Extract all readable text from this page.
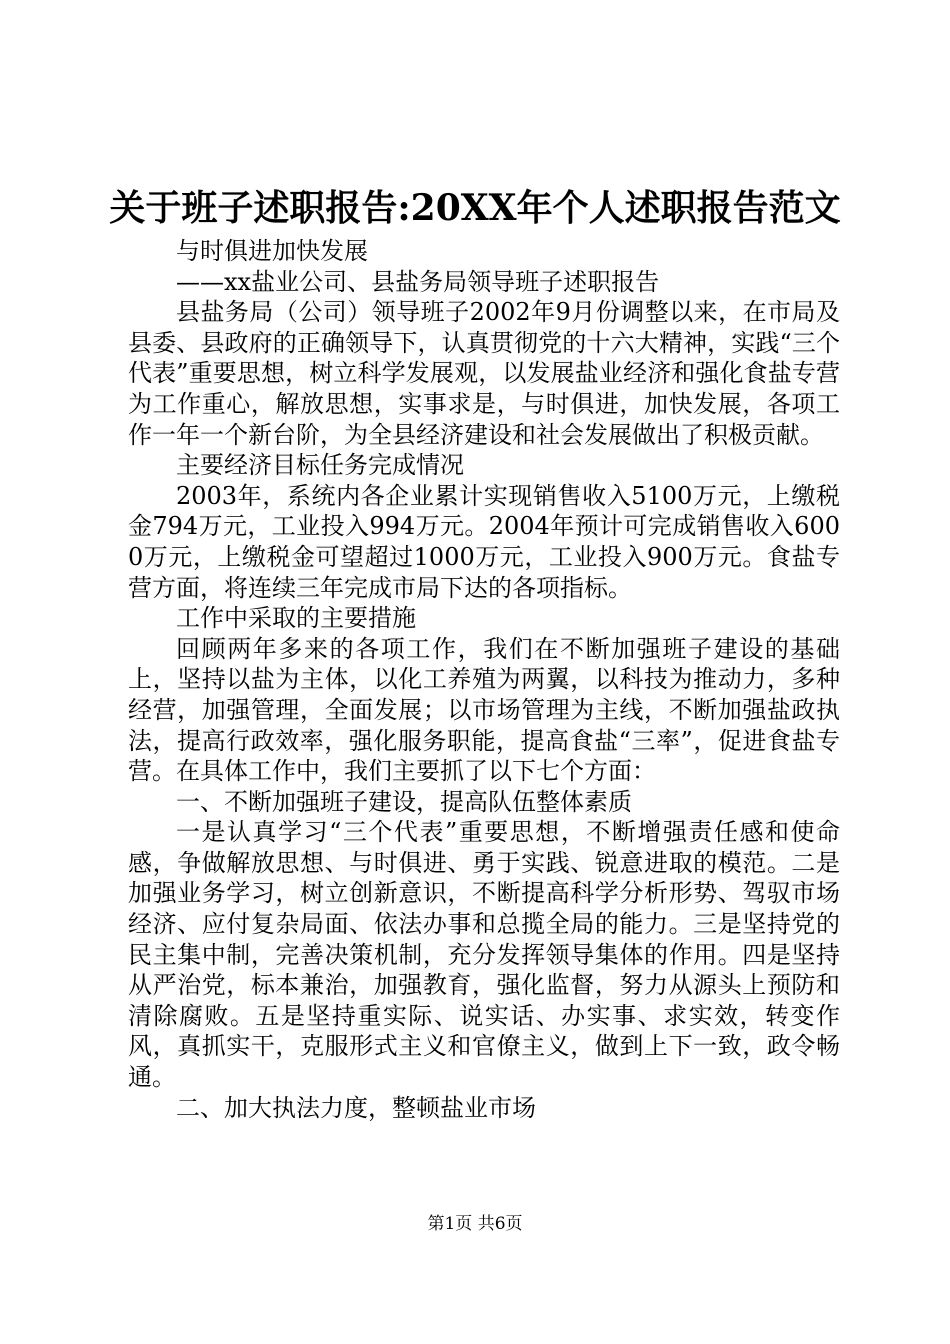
关于班子述职报告:20XX年个人述职报告范文

与时俱进加快发展

——xx盐业公司、县盐务局领导班子述职报告

县盐务局（公司）领导班子2002年9月份调整以来，在市局及县委、县政府的正确领导下，认真贯彻党的十六大精神，实践“三个代表”重要思想，树立科学发展观，以发展盐业经济和强化食盐专营为工作重心，解放思想，实事求是，与时俱进，加快发展，各项工作一年一个新台阶，为全县经济建设和社会发展做出了积极贡献。

主要经济目标任务完成情况

2003年，系统内各企业累计实现销售收入5100万元，上缴税金794万元，工业投入994万元。2004年预计可完成销售收入6000万元，上缴税金可望超过1000万元，工业投入900万元。食盐专营方面，将连续三年完成市局下达的各项指标。

工作中采取的主要措施

回顾两年多来的各项工作，我们在不断加强班子建设的基础上，坚持以盐为主体，以化工养殖为两翼，以科技为推动力，多种经营，加强管理，全面发展；以市场管理为主线，不断加强盐政执法，提高行政效率，强化服务职能，提高食盐“三率”，促进食盐专营。在具体工作中，我们主要抓了以下七个方面：

一、不断加强班子建设，提高队伍整体素质

一是认真学习“三个代表”重要思想，不断增强责任感和使命感，争做解放思想、与时俱进、勇于实践、锐意进取的模范。二是加强业务学习，树立创新意识，不断提高科学分析形势、驾驭市场经济、应付复杂局面、依法办事和总揽全局的能力。三是坚持党的民主集中制，完善决策机制，充分发挥领导集体的作用。四是坚持从严治党，标本兼治，加强教育，强化监督，努力从源头上预防和清除腐败。五是坚持重实际、说实话、办实事、求实效，转变作风，真抓实干，克服形式主义和官僚主义，做到上下一致，政令畅通。

二、加大执法力度，整顿盐业市场

第1页 共6页
